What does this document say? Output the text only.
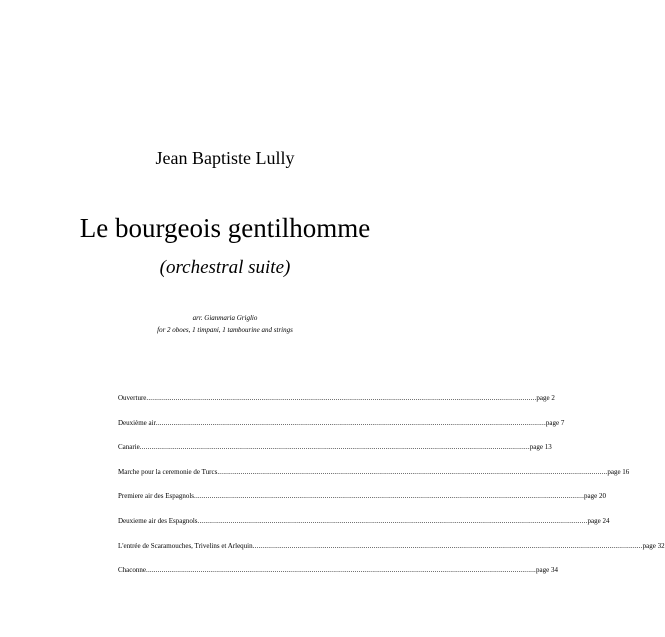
Jean Baptiste Lully
Le bourgeois gentilhomme
(orchestral suite)
arr. Gianmaria Griglio
for 2 oboes, 1 timpani, 1 tambourine and strings
Ouverture ........................................................................................................................................................................................................ page 2
Deuxième air ........................................................................................................................................................................................................ page 7
Canarie ........................................................................................................................................................................................................ page 13
Marche pour la ceremonie de Turcs ........................................................................................................................................................................................................ page 16
Premiere air des Espagnols ........................................................................................................................................................................................................ page 20
Deuxieme air des Espagnols ........................................................................................................................................................................................................ page 24
L'entrée de Scaramouches, Trivelins et Arlequin ........................................................................................................................................................................................................ page 32
Chaconne ........................................................................................................................................................................................................ page 34
